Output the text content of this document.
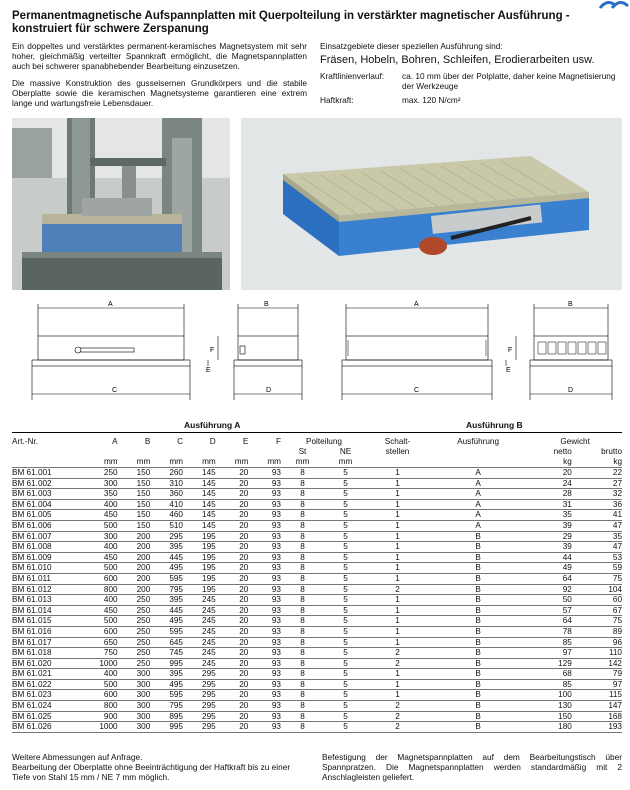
Permanentmagnetische Aufspannplatten mit Querpolteilung in verstärkter magnetischer Ausführung - konstruiert für schwere Zerspanung

Ein doppeltes und verstärktes permanent-keramisches Magnetsystem mit sehr hoher, gleichmäßig verteilter Spannkraft ermöglicht, die Magnetspannplatten auch bei schwerer spanabhebender Bearbeitung einzusetzen.

Die massive Konstruktion des gusseisernen Grundkörpers und die stabile Oberplatte sowie die keramischen Magnetsysteme garantieren eine extrem lange und wartungsfreie Lebensdauer.

Einsatzgebiete dieser speziellen Ausführung sind:
Fräsen, Hobeln, Bohren, Schleifen, Erodierarbeiten usw.
Kraftlinienverlauf:	ca. 10 mm über der Polplatte, daher keine Magnetisierung der Werkzeuge
Haftkraft:	max. 120 N/cm²
A	B
C	D
F
E
A	B
C	D
F
E
Ausführung A	Ausführung B
Art.-Nr.	A	B	C	D	E	F	Polteilung		Schalt-	Ausführung	Gewicht	
							St	NE	stellen		netto	brutto
	mm	mm	mm	mm	mm	mm	mm	mm			kg	kg
BM 61.001	250	150	260	145	20	93	8	5	1	A	20	22
BM 61.002	300	150	310	145	20	93	8	5	1	A	24	27
BM 61.003	350	150	360	145	20	93	8	5	1	A	28	32
BM 61.004	400	150	410	145	20	93	8	5	1	A	31	36
BM 61.005	450	150	460	145	20	93	8	5	1	A	35	41
BM 61.006	500	150	510	145	20	93	8	5	1	A	39	47
BM 61.007	300	200	295	195	20	93	8	5	1	B	29	35
BM 61.008	400	200	395	195	20	93	8	5	1	B	39	47
BM 61.009	450	200	445	195	20	93	8	5	1	B	44	53
BM 61.010	500	200	495	195	20	93	8	5	1	B	49	59
BM 61.011	600	200	595	195	20	93	8	5	1	B	64	75
BM 61.012	800	200	795	195	20	93	8	5	2	B	92	104
BM 61.013	400	250	395	245	20	93	8	5	1	B	50	60
BM 61.014	450	250	445	245	20	93	8	5	1	B	57	67
BM 61.015	500	250	495	245	20	93	8	5	1	B	64	75
BM 61.016	600	250	595	245	20	93	8	5	1	B	78	89
BM 61.017	650	250	645	245	20	93	8	5	1	B	85	96
BM 61.018	750	250	745	245	20	93	8	5	2	B	97	110
BM 61.020	1000	250	995	245	20	93	8	5	2	B	129	142
BM 61.021	400	300	395	295	20	93	8	5	1	B	68	79
BM 61.022	500	300	495	295	20	93	8	5	1	B	85	97
BM 61.023	600	300	595	295	20	93	8	5	1	B	100	115
BM 61.024	800	300	795	295	20	93	8	5	2	B	130	147
BM 61.025	900	300	895	295	20	93	8	5	2	B	150	168
BM 61.026	1000	300	995	295	20	93	8	5	2	B	180	193

Weitere Abmessungen auf Anfrage.

Bearbeitung der Oberplatte ohne Beeinträchtigung der Haftkraft bis zu einer Tiefe von Stahl 15 mm / NE 7 mm möglich.

Befestigung der Magnetspannplatten auf dem Bearbeitungstisch über Spannpratzen. Die Magnetspannplatten werden standardmäßig mit 2 Anschlagleisten geliefert.
